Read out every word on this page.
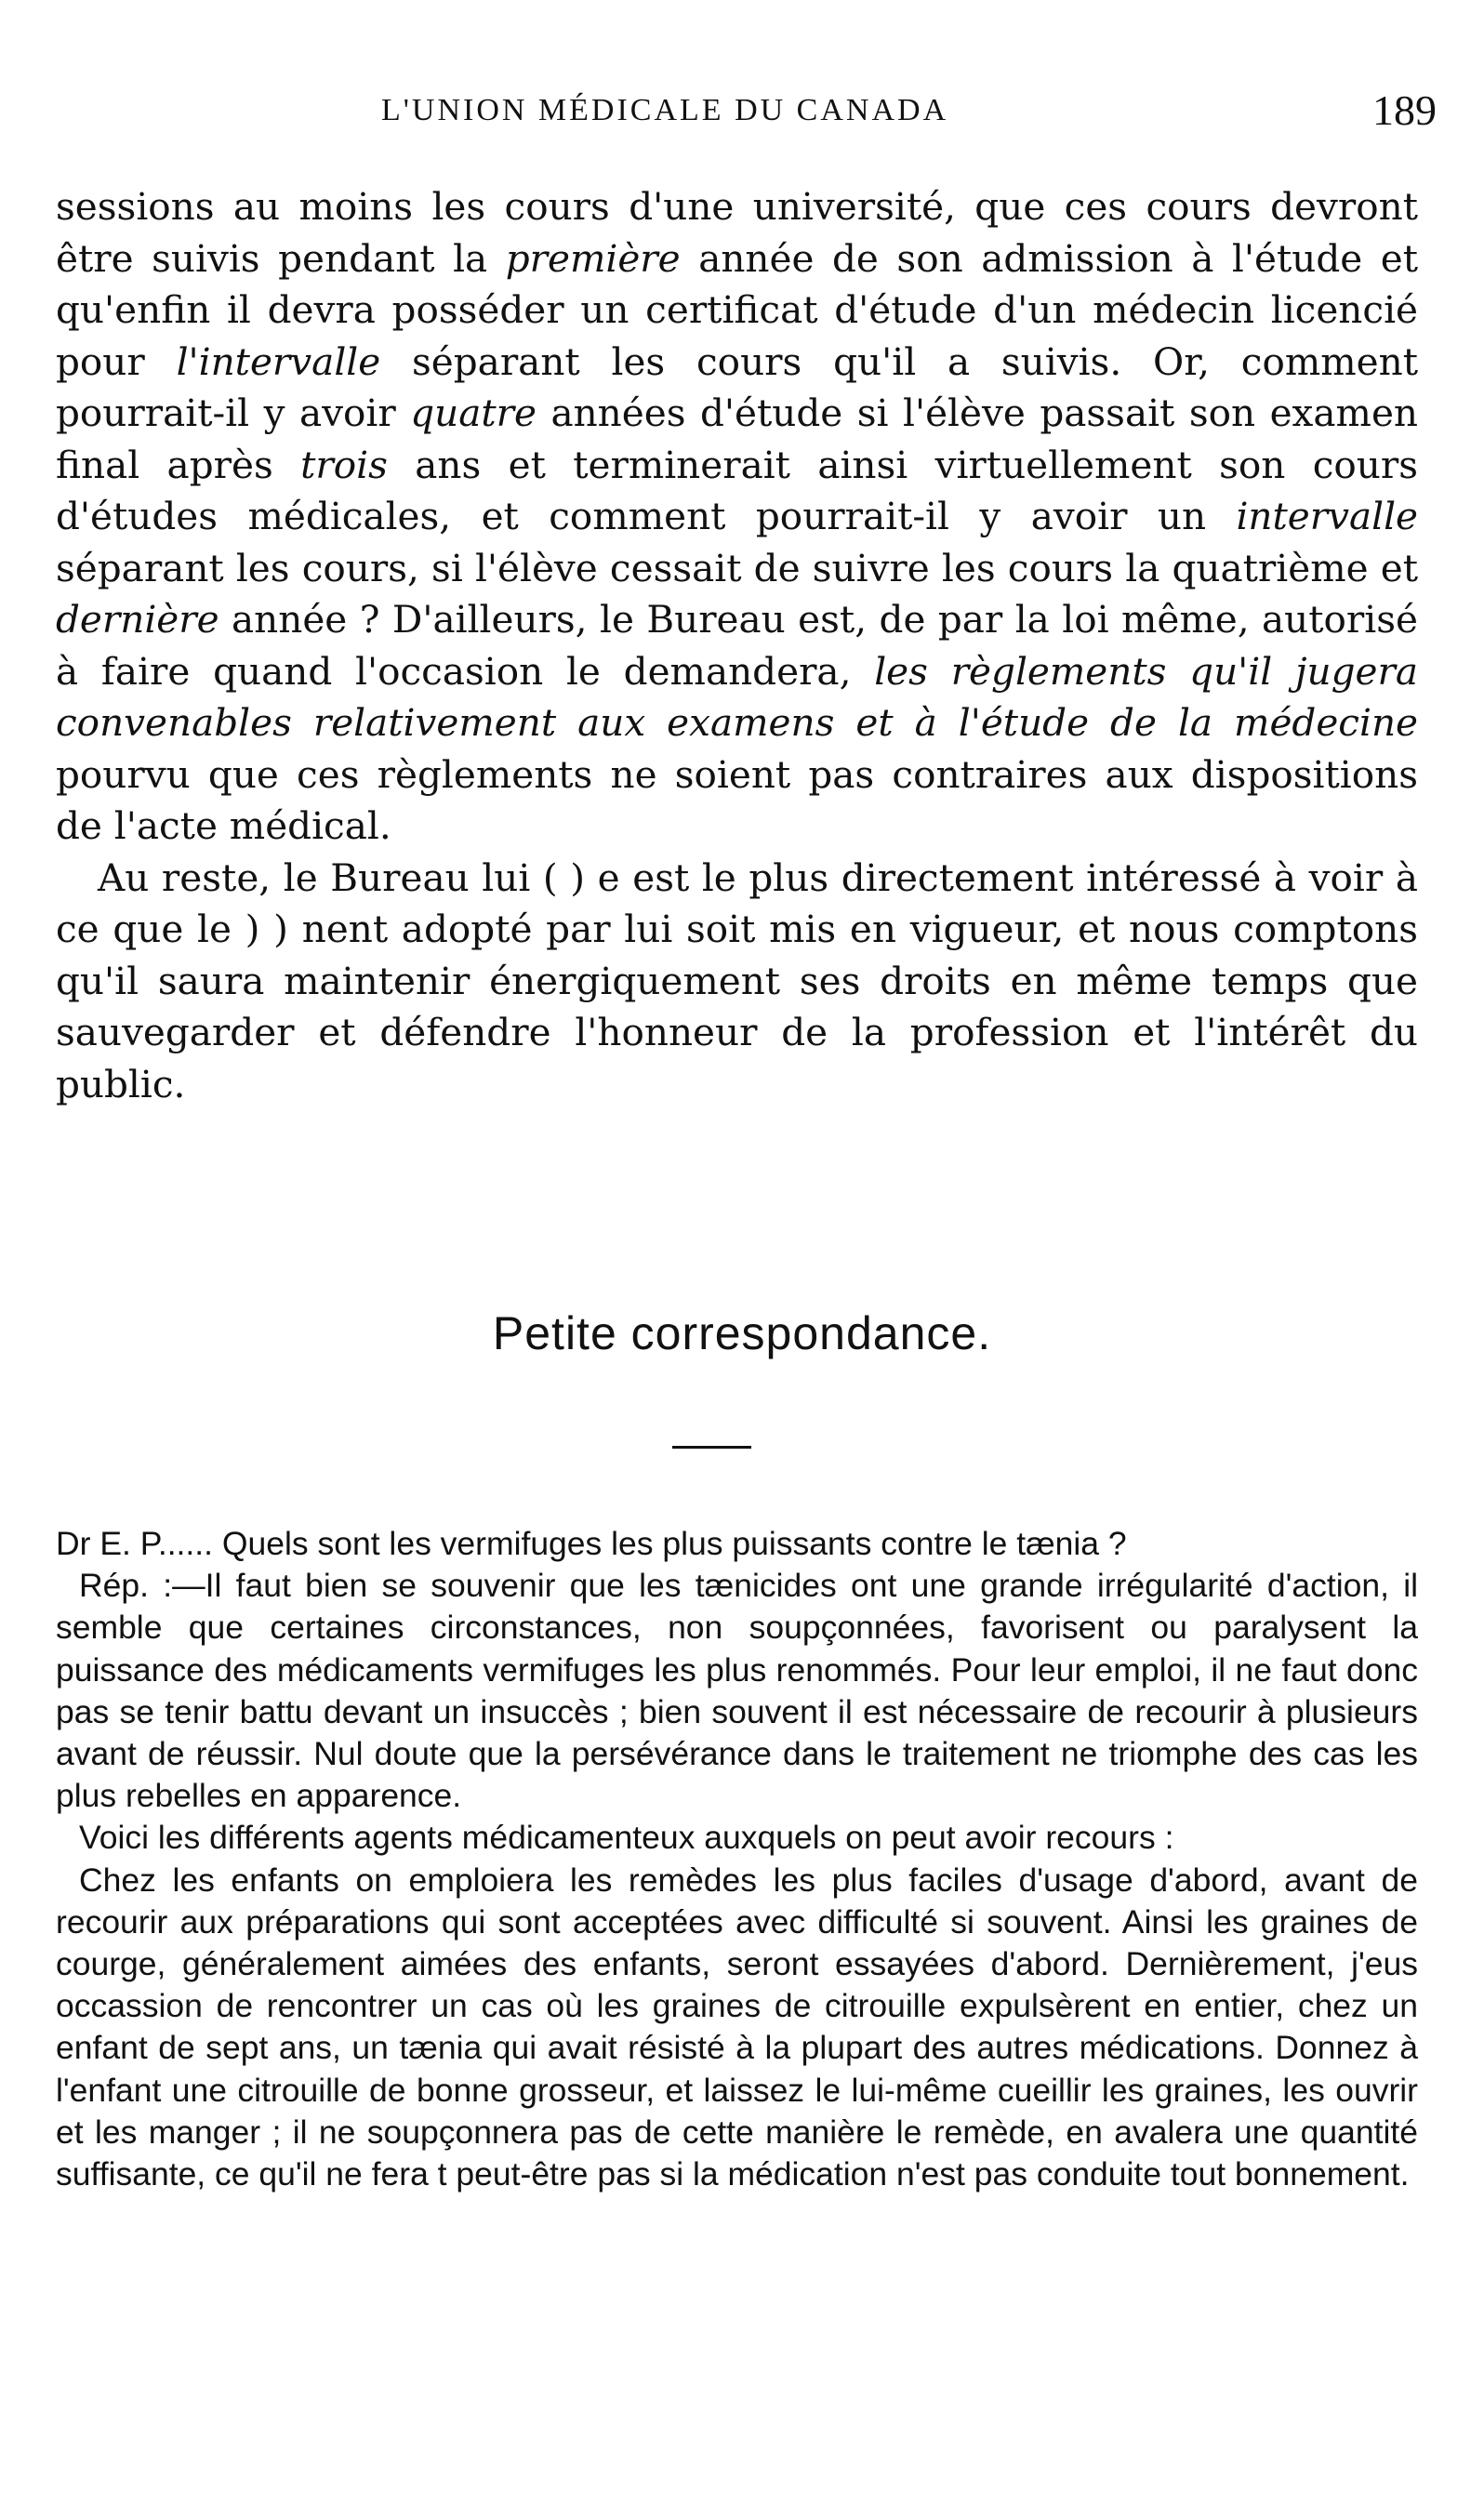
L'UNION MÉDICALE DU CANADA	189

sessions au moins les cours d'une université, que ces cours devront être suivis pendant la première année de son admission à l'étude et qu'enfin il devra posséder un certificat d'étude d'un médecin licencié pour l'intervalle séparant les cours qu'il a suivis. Or, comment pourrait-il y avoir quatre années d'étude si l'élève passait son examen final après trois ans et terminerait ainsi virtuellement son cours d'études médicales, et comment pourrait-il y avoir un intervalle séparant les cours, si l'élève cessait de suivre les cours la quatrième et dernière année ? D'ailleurs, le Bureau est, de par la loi même, autorisé à faire quand l'occasion le demandera, les règlements qu'il jugera convenables relativement aux examens et à l'étude de la médecine pourvu que ces règlements ne soient pas contraires aux dispositions de l'acte médical.

Au reste, le Bureau lui ( ) e est le plus directement intéressé à voir à ce que le ) ) nent adopté par lui soit mis en vigueur, et nous comptons qu'il saura maintenir énergiquement ses droits en même temps que sauvegarder et défendre l'honneur de la profession et l'intérêt du public.

Petite correspondance.

Dr E. P...... Quels sont les vermifuges les plus puissants contre le tænia ?

Rép. :—Il faut bien se souvenir que les tænicides ont une grande irrégularité d'action, il semble que certaines circonstances, non soupçonnées, favorisent ou paralysent la puissance des médicaments vermifuges les plus renommés. Pour leur emploi, il ne faut donc pas se tenir battu devant un insuccès ; bien souvent il est nécessaire de recourir à plusieurs avant de réussir. Nul doute que la persévérance dans le traitement ne triomphe des cas les plus rebelles en apparence.

Voici les différents agents médicamenteux auxquels on peut avoir recours :

Chez les enfants on emploiera les remèdes les plus faciles d'usage d'abord, avant de recourir aux préparations qui sont acceptées avec difficulté si souvent. Ainsi les graines de courge, généralement aimées des enfants, seront essayées d'abord. Dernièrement, j'eus occassion de rencontrer un cas où les graines de citrouille expulsèrent en entier, chez un enfant de sept ans, un tænia qui avait résisté à la plupart des autres médications. Donnez à l'enfant une citrouille de bonne grosseur, et laissez le lui-même cueillir les graines, les ouvrir et les manger ; il ne soupçonnera pas de cette manière le remède, en avalera une quantité suffisante, ce qu'il ne fera t peut-être pas si la médication n'est pas conduite tout bonnement.
